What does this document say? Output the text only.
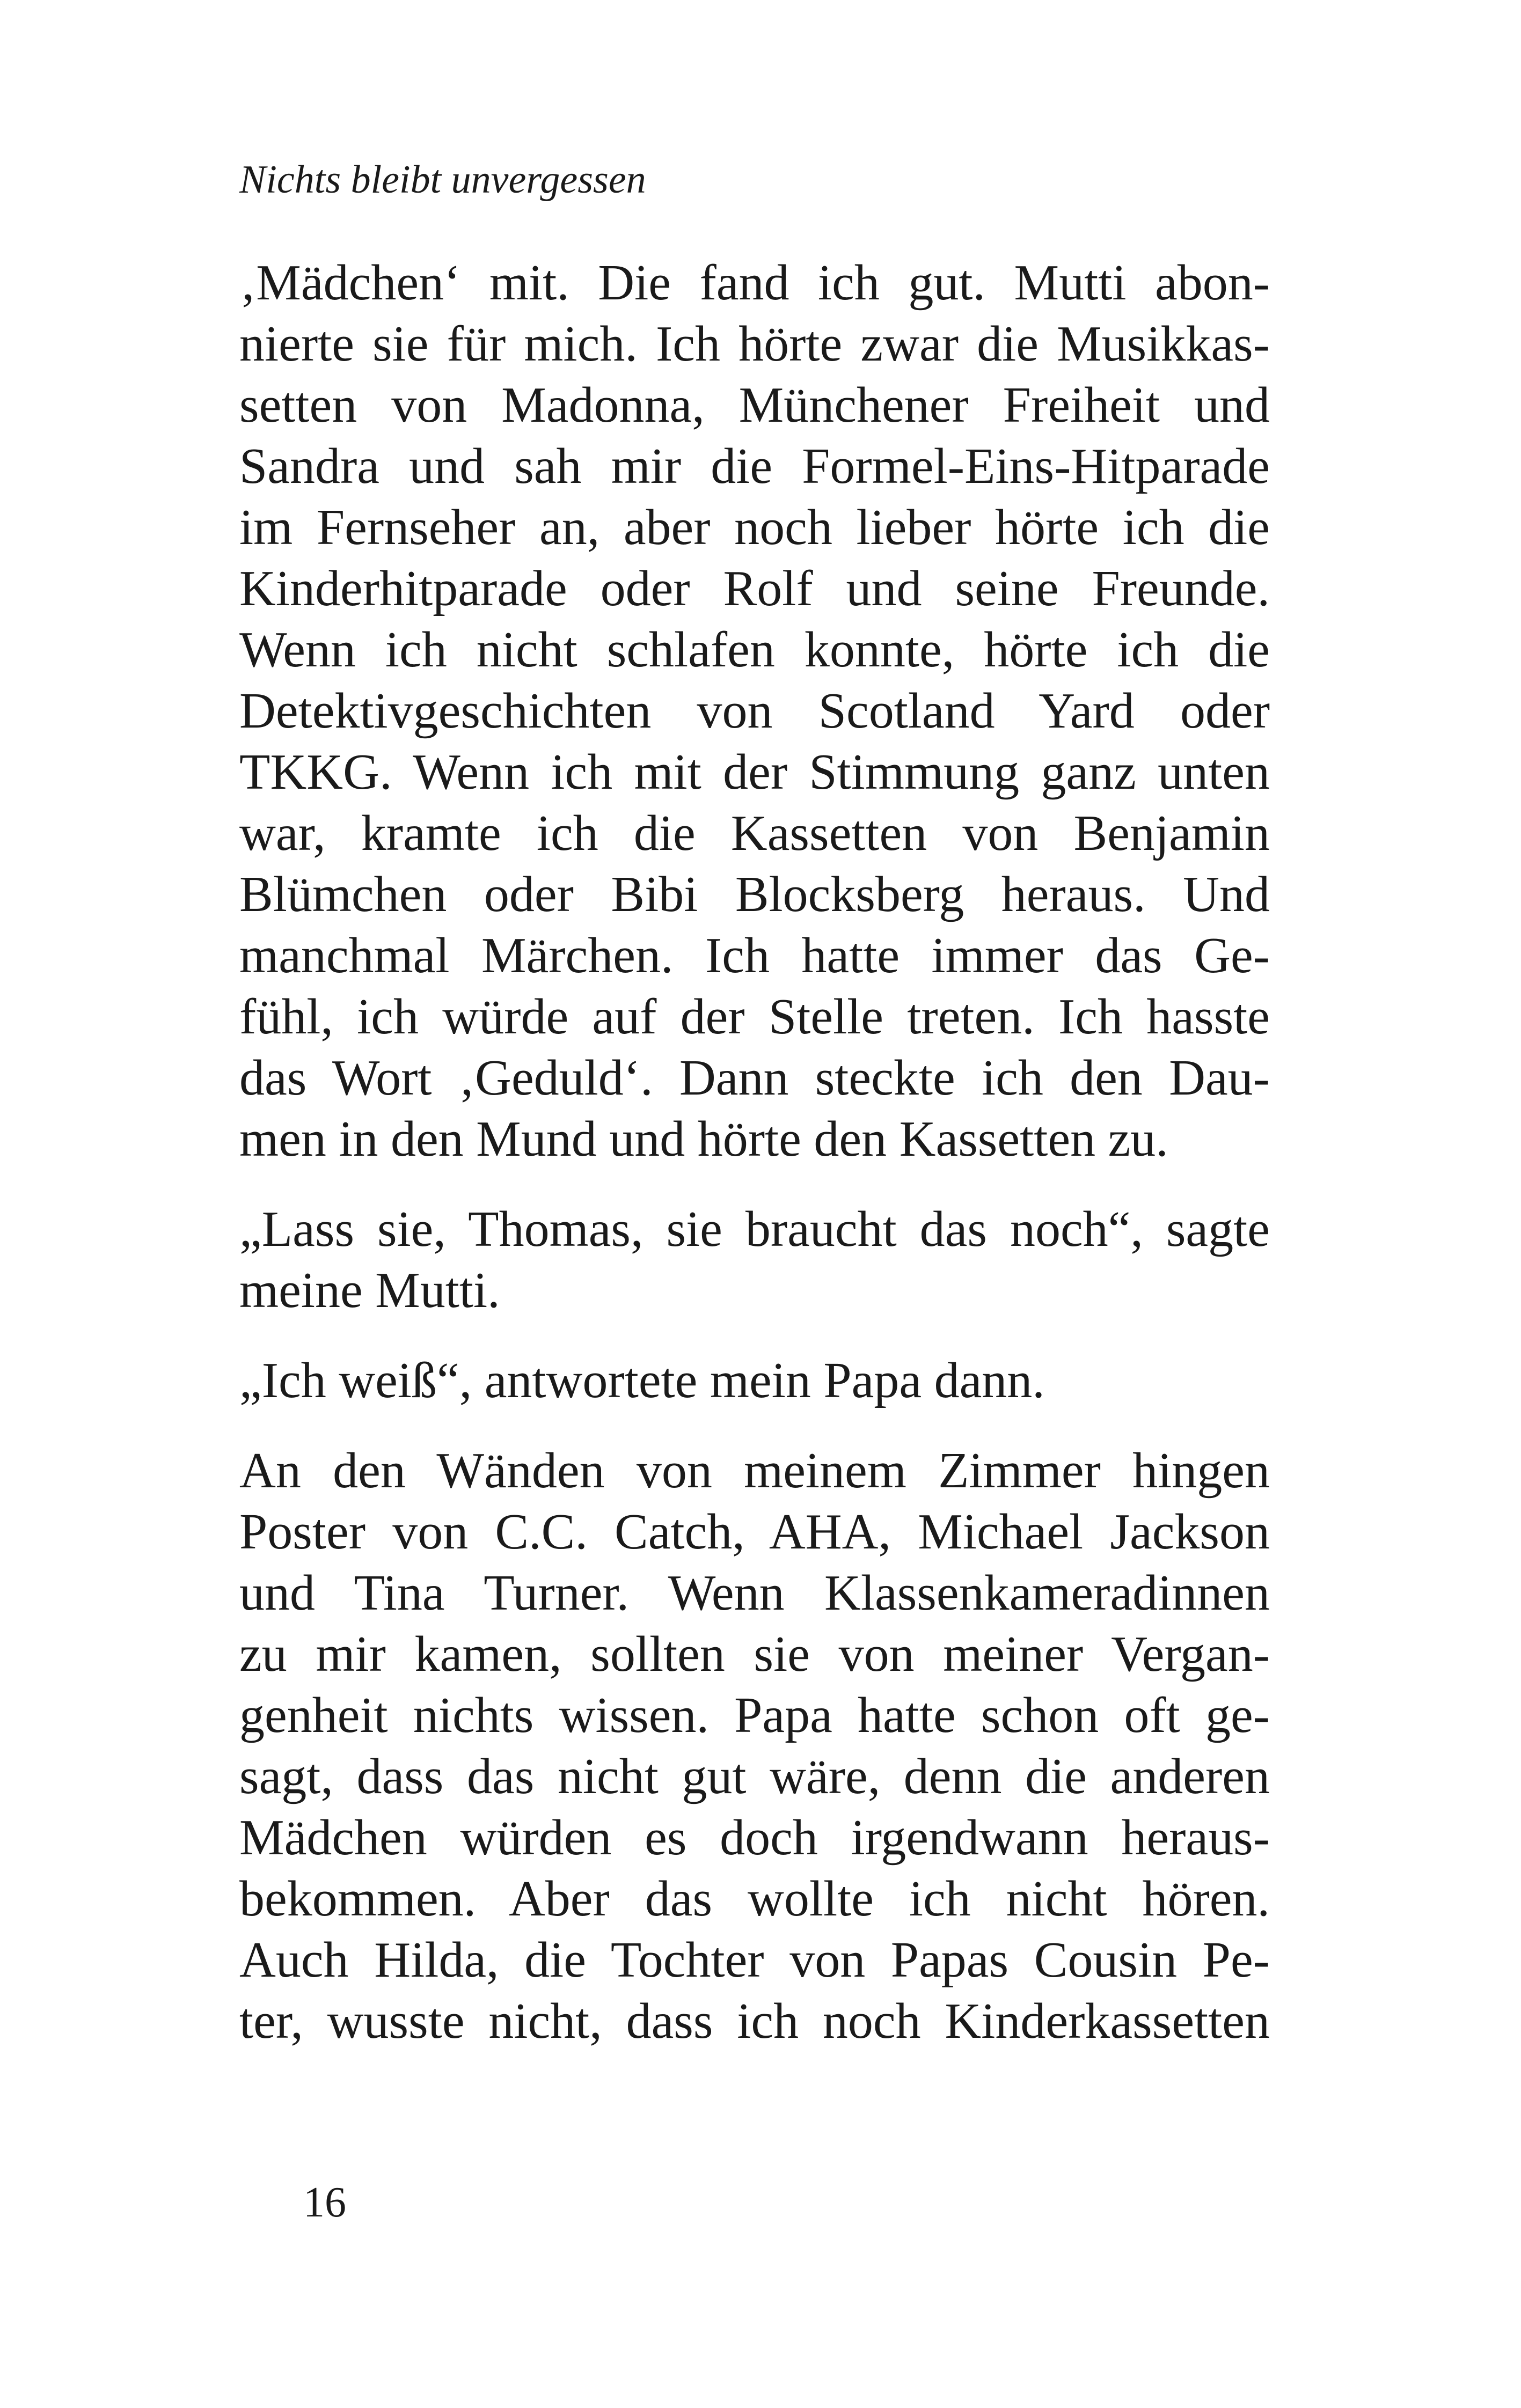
Nichts bleibt unvergessen

‚Mädchen‘ mit. Die fand ich gut. Mutti abon-
nierte sie für mich. Ich hörte zwar die Musikkas-
setten von Madonna, Münchener Freiheit und
Sandra und sah mir die Formel-Eins-Hitparade
im Fernseher an, aber noch lieber hörte ich die
Kinderhitparade oder Rolf und seine Freunde.
Wenn ich nicht schlafen konnte, hörte ich die
Detektivgeschichten von Scotland Yard oder
TKKG. Wenn ich mit der Stimmung ganz unten
war, kramte ich die Kassetten von Benjamin
Blümchen oder Bibi Blocksberg heraus. Und
manchmal Märchen. Ich hatte immer das Ge-
fühl, ich würde auf der Stelle treten. Ich hasste
das Wort ‚Geduld‘. Dann steckte ich den Dau-
men in den Mund und hörte den Kassetten zu.

„Lass sie, Thomas, sie braucht das noch“, sagte
meine Mutti.

„Ich weiß“, antwortete mein Papa dann.

An den Wänden von meinem Zimmer hingen
Poster von C.C. Catch, AHA, Michael Jackson
und Tina Turner. Wenn Klassenkameradinnen
zu mir kamen, sollten sie von meiner Vergan-
genheit nichts wissen. Papa hatte schon oft ge-
sagt, dass das nicht gut wäre, denn die anderen
Mädchen würden es doch irgendwann heraus-
bekommen. Aber das wollte ich nicht hören.
Auch Hilda, die Tochter von Papas Cousin Pe-
ter, wusste nicht, dass ich noch Kinderkassetten

16
